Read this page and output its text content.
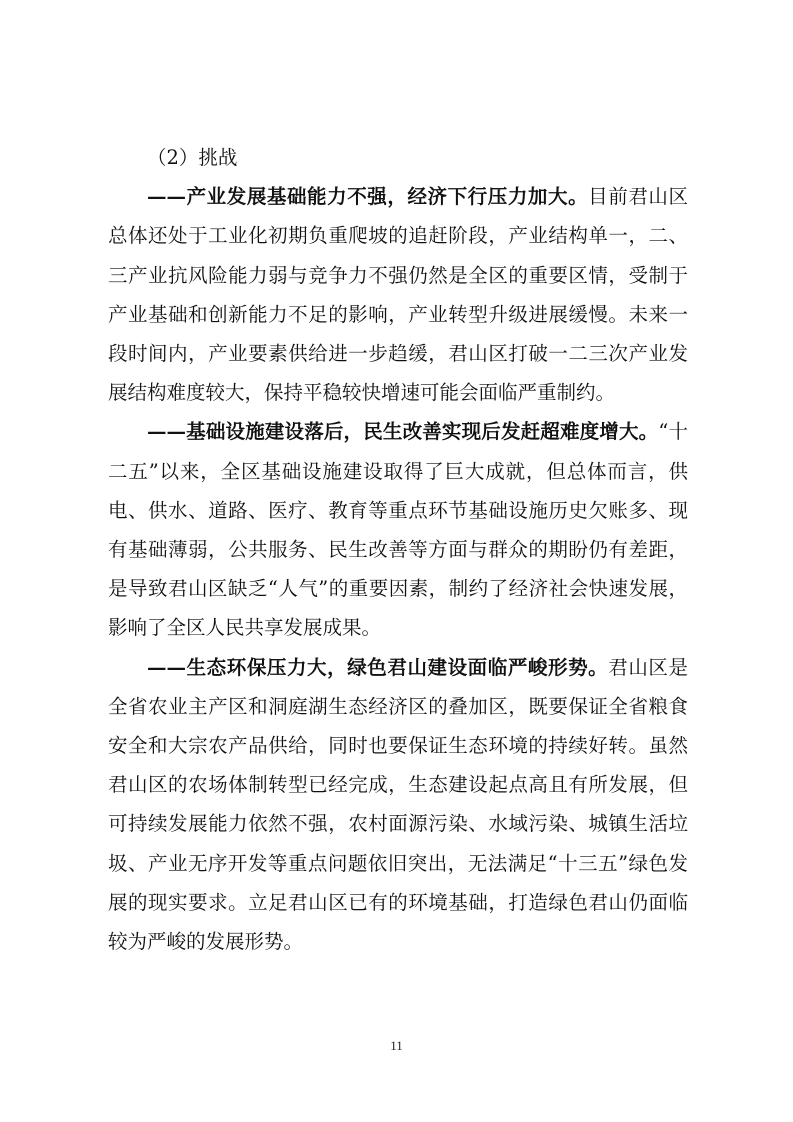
（2）挑战

——产业发展基础能力不强，经济下行压力加大。目前君山区总体还处于工业化初期负重爬坡的追赶阶段，产业结构单一，二、三产业抗风险能力弱与竞争力不强仍然是全区的重要区情，受制于产业基础和创新能力不足的影响，产业转型升级进展缓慢。未来一段时间内，产业要素供给进一步趋缓，君山区打破一二三次产业发展结构难度较大，保持平稳较快增速可能会面临严重制约。

——基础设施建设落后，民生改善实现后发赶超难度增大。“十二五”以来，全区基础设施建设取得了巨大成就，但总体而言，供电、供水、道路、医疗、教育等重点环节基础设施历史欠账多、现有基础薄弱，公共服务、民生改善等方面与群众的期盼仍有差距，是导致君山区缺乏“人气”的重要因素，制约了经济社会快速发展，影响了全区人民共享发展成果。

——生态环保压力大，绿色君山建设面临严峻形势。君山区是全省农业主产区和洞庭湖生态经济区的叠加区，既要保证全省粮食安全和大宗农产品供给，同时也要保证生态环境的持续好转。虽然君山区的农场体制转型已经完成，生态建设起点高且有所发展，但可持续发展能力依然不强，农村面源污染、水域污染、城镇生活垃圾、产业无序开发等重点问题依旧突出，无法满足“十三五”绿色发展的现实要求。立足君山区已有的环境基础，打造绿色君山仍面临较为严峻的发展形势。

11
